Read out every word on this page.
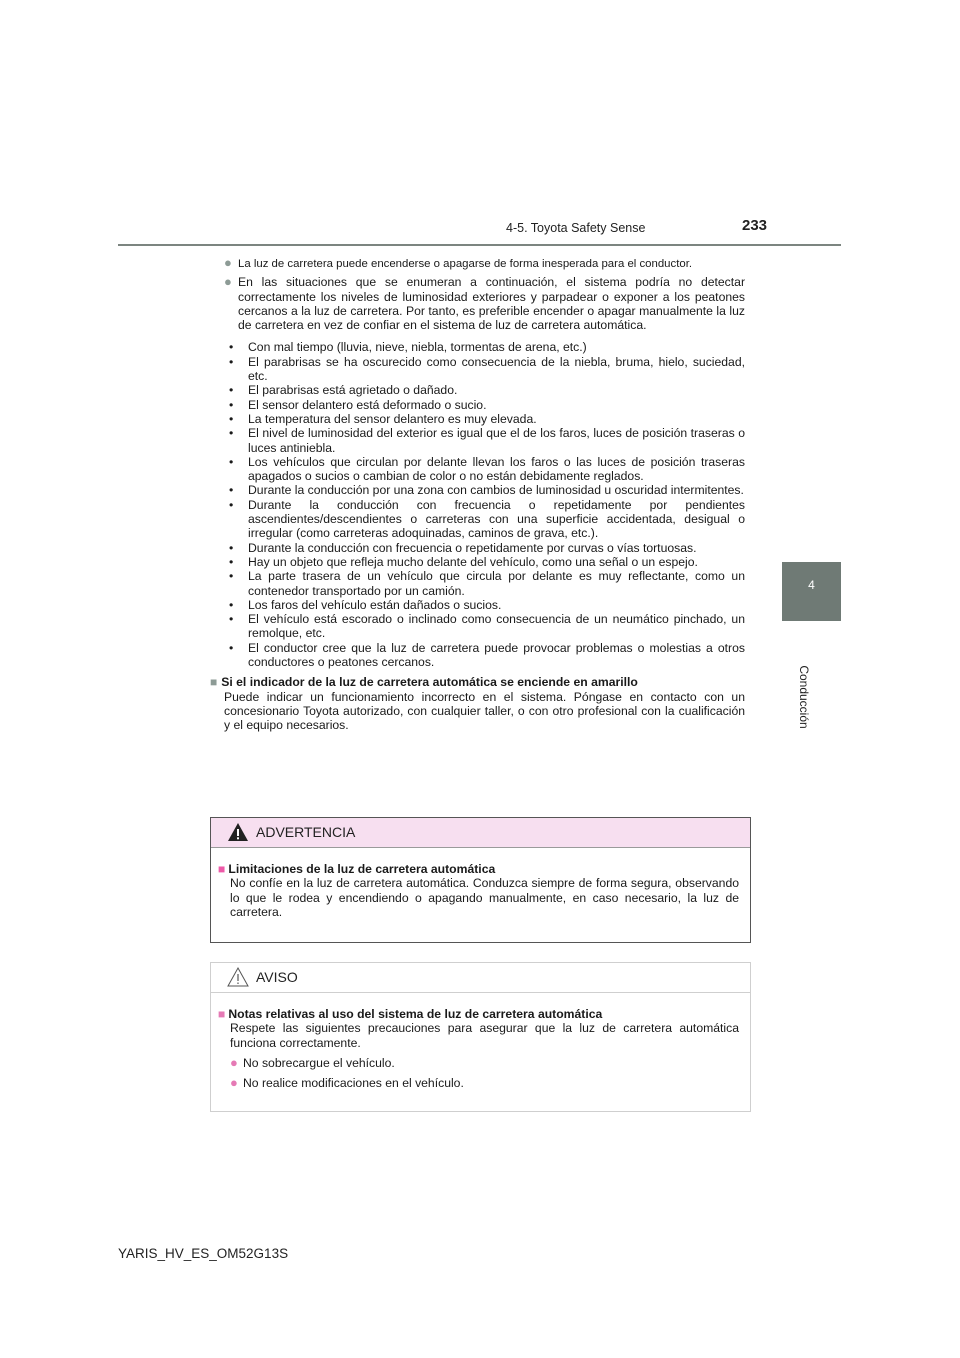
4-5. Toyota Safety Sense	233
4
Conducción
● La luz de carretera puede encenderse o apagarse de forma inesperada para el conductor.
● En las situaciones que se enumeran a continuación, el sistema podría no detectar correctamente los niveles de luminosidad exteriores y parpadear o exponer a los peatones cercanos a la luz de carretera. Por tanto, es preferible encender o apagar manualmente la luz de carretera en vez de confiar en el sistema de luz de carretera automática.
• Con mal tiempo (lluvia, nieve, niebla, tormentas de arena, etc.)
• El parabrisas se ha oscurecido como consecuencia de la niebla, bruma, hielo, suciedad, etc.
• El parabrisas está agrietado o dañado.
• El sensor delantero está deformado o sucio.
• La temperatura del sensor delantero es muy elevada.
• El nivel de luminosidad del exterior es igual que el de los faros, luces de posición traseras o luces antiniebla.
• Los vehículos que circulan por delante llevan los faros o las luces de posición traseras apagados o sucios o cambian de color o no están debidamente reglados.
• Durante la conducción por una zona con cambios de luminosidad u oscuridad intermitentes.
• Durante la conducción con frecuencia o repetidamente por pendientes ascendientes/descendientes o carreteras con una superficie accidentada, desigual o irregular (como carreteras adoquinadas, caminos de grava, etc.).
• Durante la conducción con frecuencia o repetidamente por curvas o vías tortuosas.
• Hay un objeto que refleja mucho delante del vehículo, como una señal o un espejo.
• La parte trasera de un vehículo que circula por delante es muy reflectante, como un contenedor transportado por un camión.
• Los faros del vehículo están dañados o sucios.
• El vehículo está escorado o inclinado como consecuencia de un neumático pinchado, un remolque, etc.
• El conductor cree que la luz de carretera puede provocar problemas o molestias a otros conductores o peatones cercanos.
■ Si el indicador de la luz de carretera automática se enciende en amarillo
Puede indicar un funcionamiento incorrecto en el sistema. Póngase en contacto con un concesionario Toyota autorizado, con cualquier taller, o con otro profesional con la cualificación y el equipo necesarios.
ADVERTENCIA
■ Limitaciones de la luz de carretera automática
No confíe en la luz de carretera automática. Conduzca siempre de forma segura, observando lo que le rodea y encendiendo o apagando manualmente, en caso necesario, la luz de carretera.
AVISO
■ Notas relativas al uso del sistema de luz de carretera automática
Respete las siguientes precauciones para asegurar que la luz de carretera automática funciona correctamente.
● No sobrecargue el vehículo.
● No realice modificaciones en el vehículo.
YARIS_HV_ES_OM52G13S
